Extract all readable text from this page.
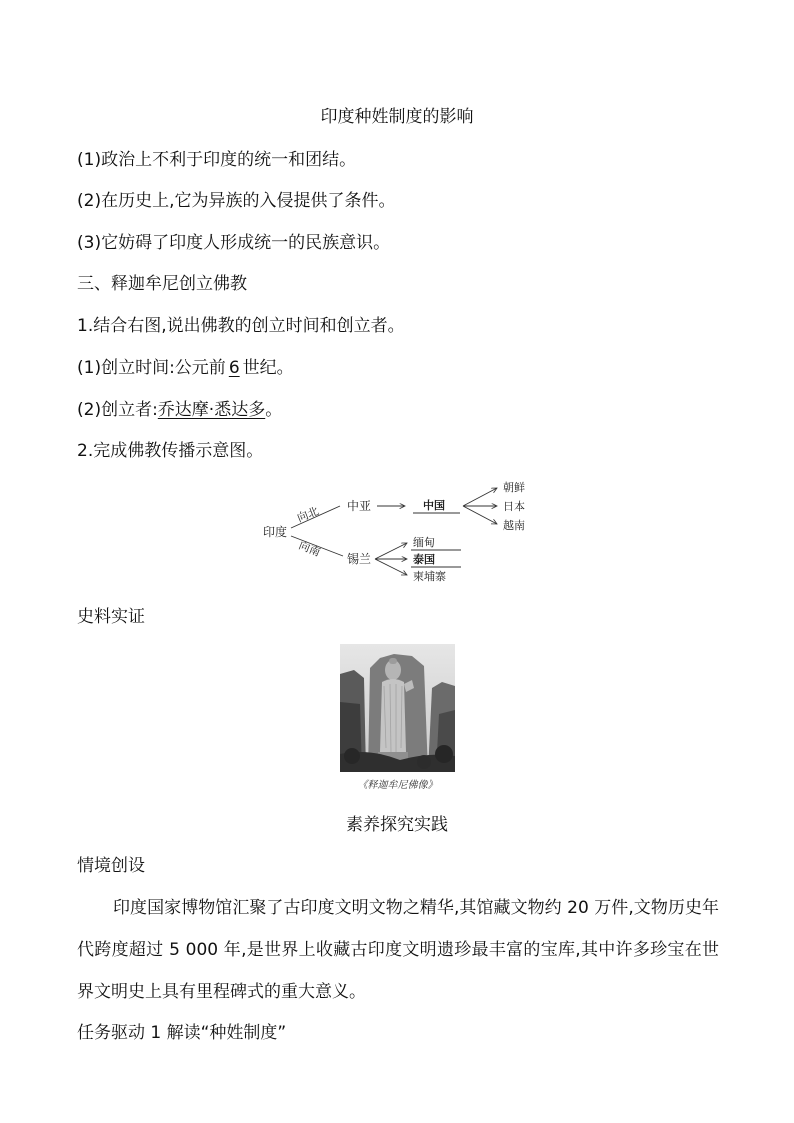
印度种姓制度的影响
(1)政治上不利于印度的统一和团结。
(2)在历史上,它为异族的入侵提供了条件。
(3)它妨碍了印度人形成统一的民族意识。
三、释迦牟尼创立佛教
1.结合右图,说出佛教的创立时间和创立者。
(1)创立时间:公元前 6 世纪。
(2)创立者:乔达摩·悉达多。
2.完成佛教传播示意图。
印度
向北
向南
中亚	中国
朝鲜
日本
越南
锡兰
缅甸
泰国
柬埔寨
史料实证
《释迦牟尼佛像》
素养探究实践
情境创设
印度国家博物馆汇聚了古印度文明文物之精华,其馆藏文物约 20 万件,文物历史年代跨度超过 5 000 年,是世界上收藏古印度文明遗珍最丰富的宝库,其中许多珍宝在世界文明史上具有里程碑式的重大意义。
任务驱动 1 解读“种姓制度”
